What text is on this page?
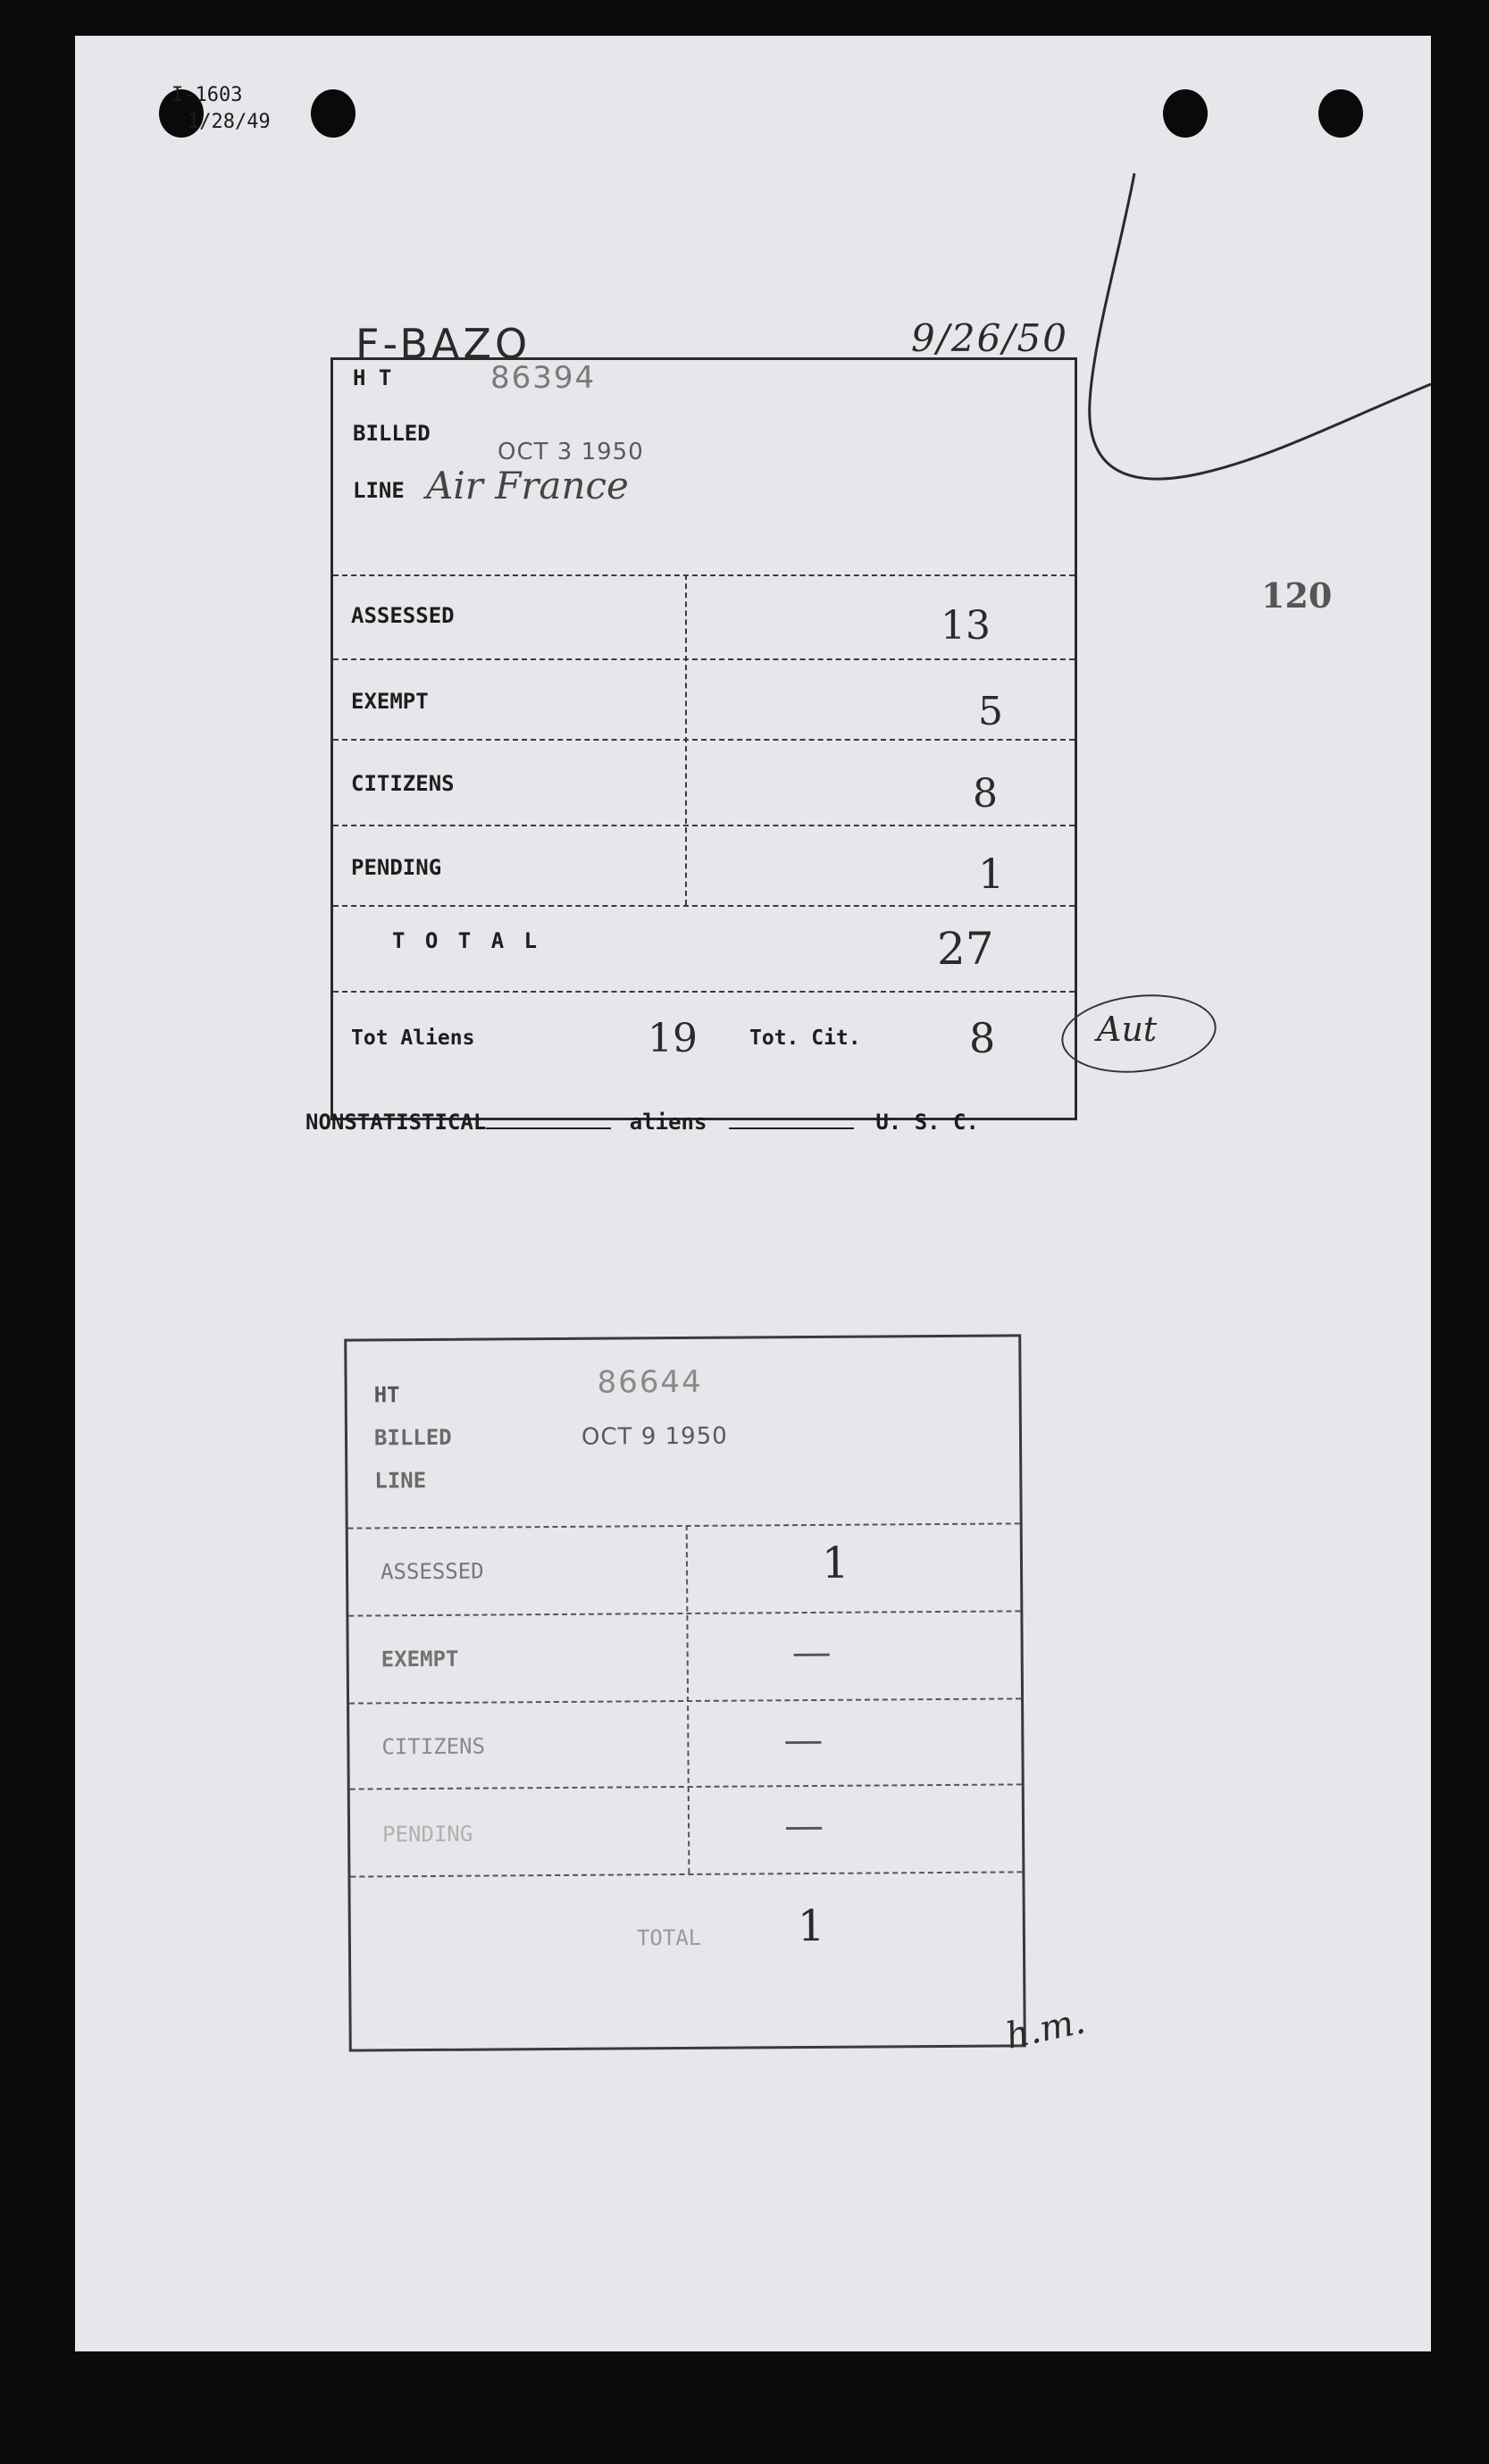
I-1603
1/28/49
120
F-BAZO	9/26/50
H T	86394
BILLED
OCT 3 1950
LINE Air France
ASSESSED	13
EXEMPT	5
CITIZENS	8
PENDING	1
T O T A L	27
Tot Aliens	19	Tot. Cit.	8	Aut
NONSTATISTICAL	aliens	U. S. C.
HT	86644
BILLED	OCT 9 1950
LINE
ASSESSED	1
EXEMPT	—
CITIZENS	—
PENDING	—
TOTAL 1
h.m.
